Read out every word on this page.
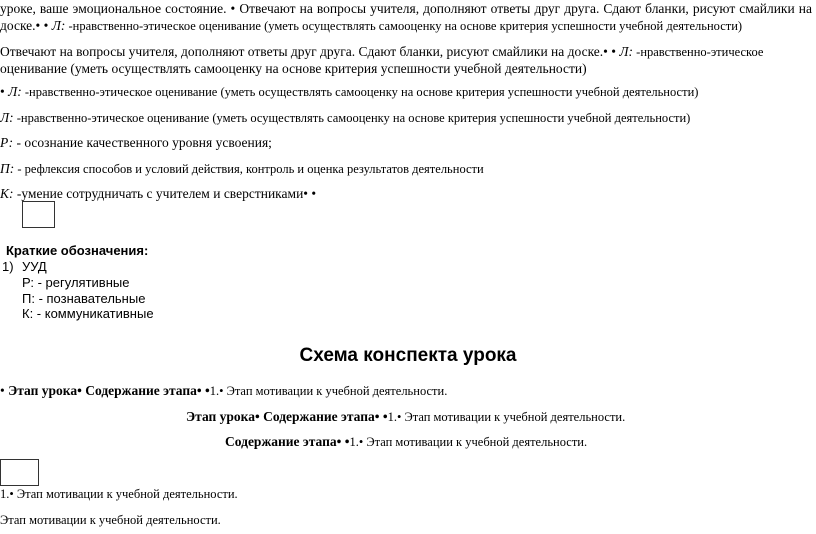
уроке, ваше эмоциональное состояние. • Отвечают на вопросы учителя, дополняют ответы друг друга. Сдают бланки, рисуют смайлики на
доске.• • Л: -нравственно-этическое оценивание (уметь осуществлять самооценку на основе критерия успешности учебной деятельности)
Отвечают на вопросы учителя, дополняют ответы друг друга. Сдают бланки, рисуют смайлики на доске.• • Л: -нравственно-этическое
оценивание (уметь осуществлять самооценку на основе критерия успешности учебной деятельности)
• Л: -нравственно-этическое оценивание (уметь осуществлять самооценку на основе критерия успешности учебной деятельности)
Л: -нравственно-этическое оценивание (уметь осуществлять самооценку на основе критерия успешности учебной деятельности)
Р: - осознание качественного уровня усвоения;
П: - рефлексия способов и условий действия, контроль и оценка результатов деятельности
К: -умение сотрудничать с учителем и сверстниками• •
Краткие обозначения:
1) УУД
Р: - регулятивные
П: - познавательные
К: - коммуникативные
Схема конспекта урока
• Этап урока• Содержание этапа• •1.• Этап мотивации к учебной деятельности.
Этап урока• Содержание этапа• •1.• Этап мотивации к учебной деятельности.
Содержание этапа• •1.• Этап мотивации к учебной деятельности.
1.• Этап мотивации к учебной деятельности.
Этап мотивации к учебной деятельности.
